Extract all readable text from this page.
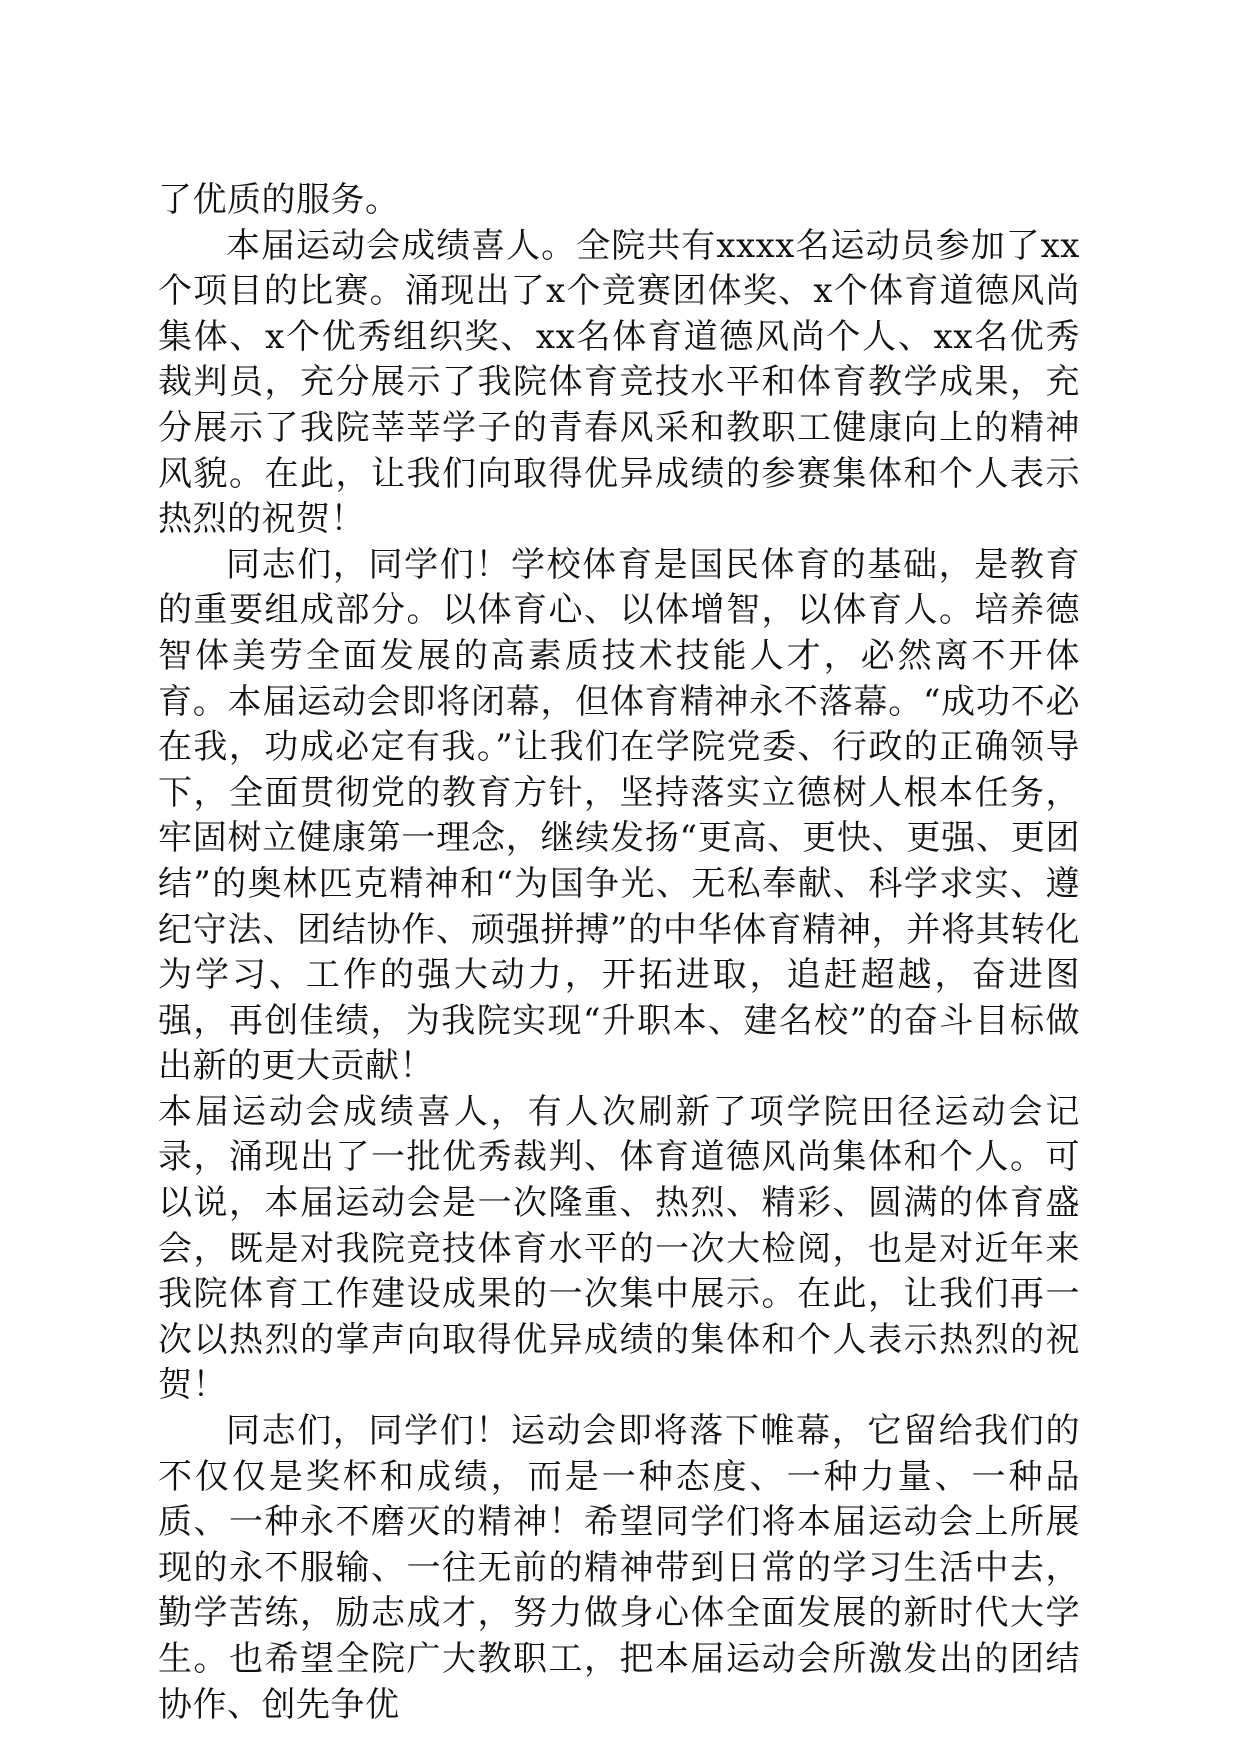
了优质的服务。

本届运动会成绩喜人。全院共有xxxx名运动员参加了xx个项目的比赛。涌现出了x个竞赛团体奖、x个体育道德风尚集体、x个优秀组织奖、xx名体育道德风尚个人、xx名优秀裁判员，充分展示了我院体育竞技水平和体育教学成果，充分展示了我院莘莘学子的青春风采和教职工健康向上的精神风貌。在此，让我们向取得优异成绩的参赛集体和个人表示热烈的祝贺！

同志们，同学们！学校体育是国民体育的基础，是教育的重要组成部分。以体育心、以体增智，以体育人。培养德智体美劳全面发展的高素质技术技能人才，必然离不开体育。本届运动会即将闭幕，但体育精神永不落幕。“成功不必在我，功成必定有我。”让我们在学院党委、行政的正确领导下，全面贯彻党的教育方针，坚持落实立德树人根本任务，牢固树立健康第一理念，继续发扬“更高、更快、更强、更团结”的奥林匹克精神和“为国争光、无私奉献、科学求实、遵纪守法、团结协作、顽强拼搏”的中华体育精神，并将其转化为学习、工作的强大动力，开拓进取，追赶超越，奋进图强，再创佳绩，为我院实现“升职本、建名校”的奋斗目标做出新的更大贡献！

本届运动会成绩喜人，有人次刷新了项学院田径运动会记录，涌现出了一批优秀裁判、体育道德风尚集体和个人。可以说，本届运动会是一次隆重、热烈、精彩、圆满的体育盛会，既是对我院竞技体育水平的一次大检阅，也是对近年来我院体育工作建设成果的一次集中展示。在此，让我们再一次以热烈的掌声向取得优异成绩的集体和个人表示热烈的祝贺！

同志们，同学们！运动会即将落下帷幕，它留给我们的不仅仅是奖杯和成绩，而是一种态度、一种力量、一种品质、一种永不磨灭的精神！希望同学们将本届运动会上所展现的永不服输、一往无前的精神带到日常的学习生活中去，勤学苦练，励志成才，努力做身心体全面发展的新时代大学生。也希望全院广大教职工，把本届运动会所激发出的团结协作、创先争优
